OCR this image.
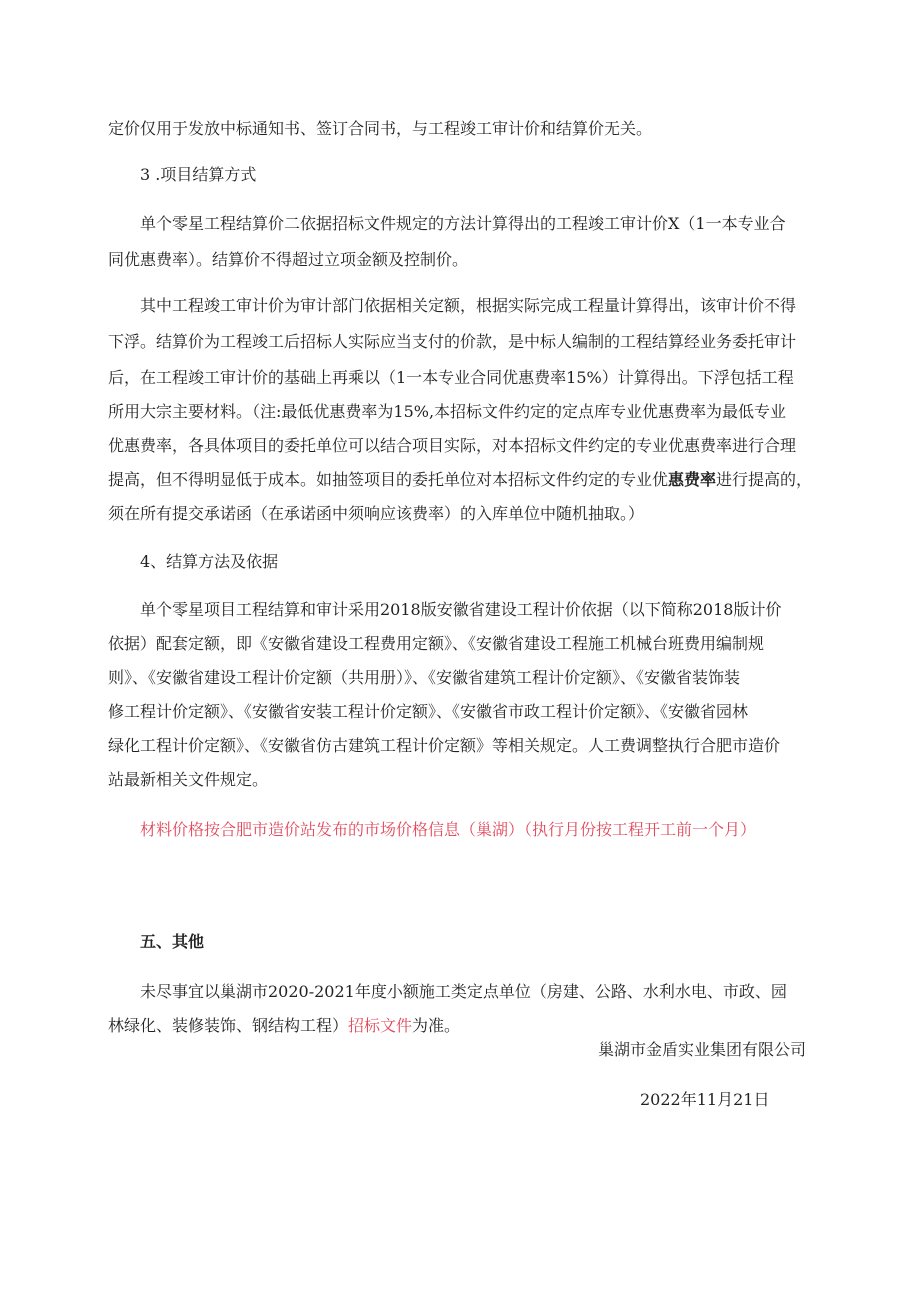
定价仅用于发放中标通知书、签订合同书，与工程竣工审计价和结算价无关。
3 .项目结算方式
单个零星工程结算价二依据招标文件规定的方法计算得出的工程竣工审计价X（1一本专业合
同优惠费率）。结算价不得超过立项金额及控制价。
其中工程竣工审计价为审计部门依据相关定额，根据实际完成工程量计算得出，该审计价不得
下浮。结算价为工程竣工后招标人实际应当支付的价款，是中标人编制的工程结算经业务委托审计
后，在工程竣工审计价的基础上再乘以（1一本专业合同优惠费率15%）计算得出。下浮包括工程
所用大宗主要材料。（注:最低优惠费率为15%,本招标文件约定的定点库专业优惠费率为最低专业
优惠费率，各具体项目的委托单位可以结合项目实际，对本招标文件约定的专业优惠费率进行合理
提高，但不得明显低于成本。如抽签项目的委托单位对本招标文件约定的专业优惠费率进行提高的，
须在所有提交承诺函（在承诺函中须响应该费率）的入库单位中随机抽取。）
4、结算方法及依据
单个零星项目工程结算和审计采用2018版安徽省建设工程计价依据（以下简称2018版计价
依据）配套定额，即《安徽省建设工程费用定额》、《安徽省建设工程施工机械台班费用编制规
则》、《安徽省建设工程计价定额（共用册）》、《安徽省建筑工程计价定额》、《安徽省装饰装
修工程计价定额》、《安徽省安装工程计价定额》、《安徽省市政工程计价定额》、《安徽省园林
绿化工程计价定额》、《安徽省仿古建筑工程计价定额》等相关规定。人工费调整执行合肥市造价
站最新相关文件规定。
材料价格按合肥市造价站发布的市场价格信息（巢湖）（执行月份按工程开工前一个月）
五、其他
未尽事宜以巢湖市2020-2021年度小额施工类定点单位（房建、公路、水利水电、市政、园
林绿化、装修装饰、钢结构工程）招标文件为准。
巢湖市金盾实业集团有限公司
2022年11月21日
